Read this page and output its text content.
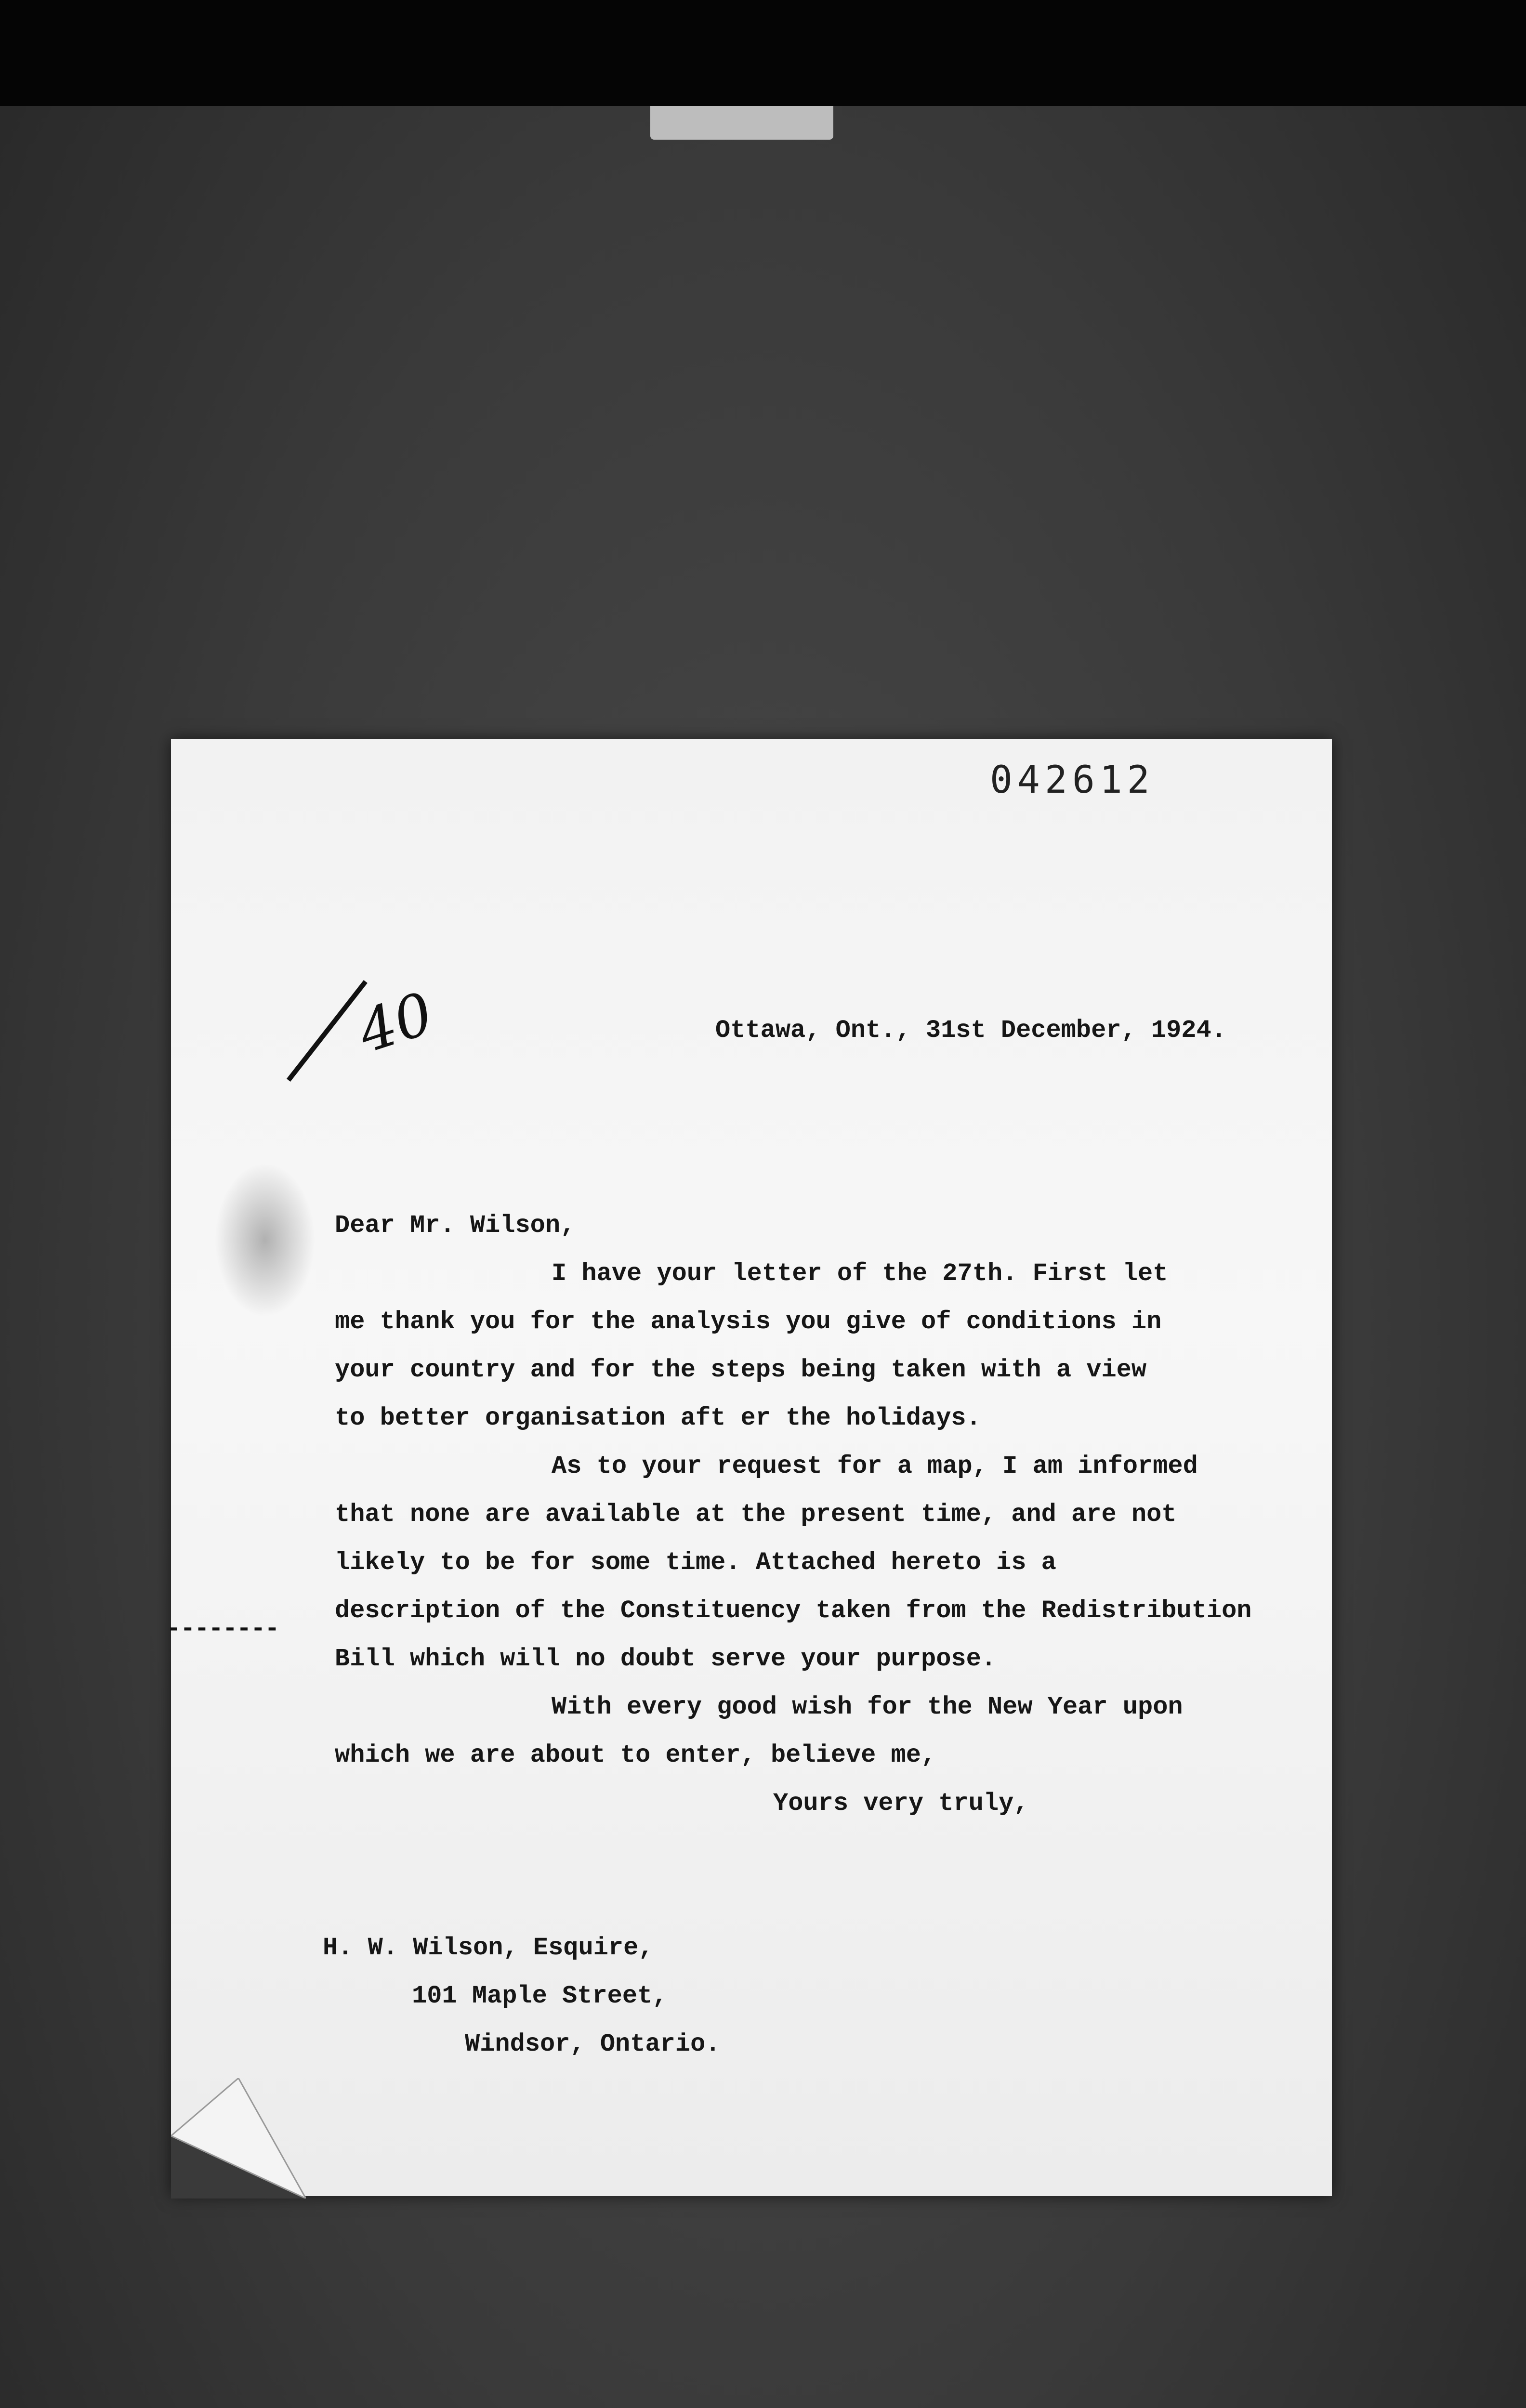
042612
40	Ottawa, Ont., 31st December, 1924.
Dear Mr. Wilson,
I have your letter of the 27th. First let
me thank you for the analysis you give of conditions in
your country and for the steps being taken with a view
to better organisation aft er the holidays.
As to your request for a map, I am informed
that none are available at the present time, and are not
likely to be for some time. Attached hereto is a
--------
description of the Constituency taken from the Redistribution
Bill which will no doubt serve your purpose.
With every good wish for the New Year upon
which we are about to enter, believe me,
Yours very truly,
H. W. Wilson, Esquire,
101 Maple Street,
Windsor, Ontario.
